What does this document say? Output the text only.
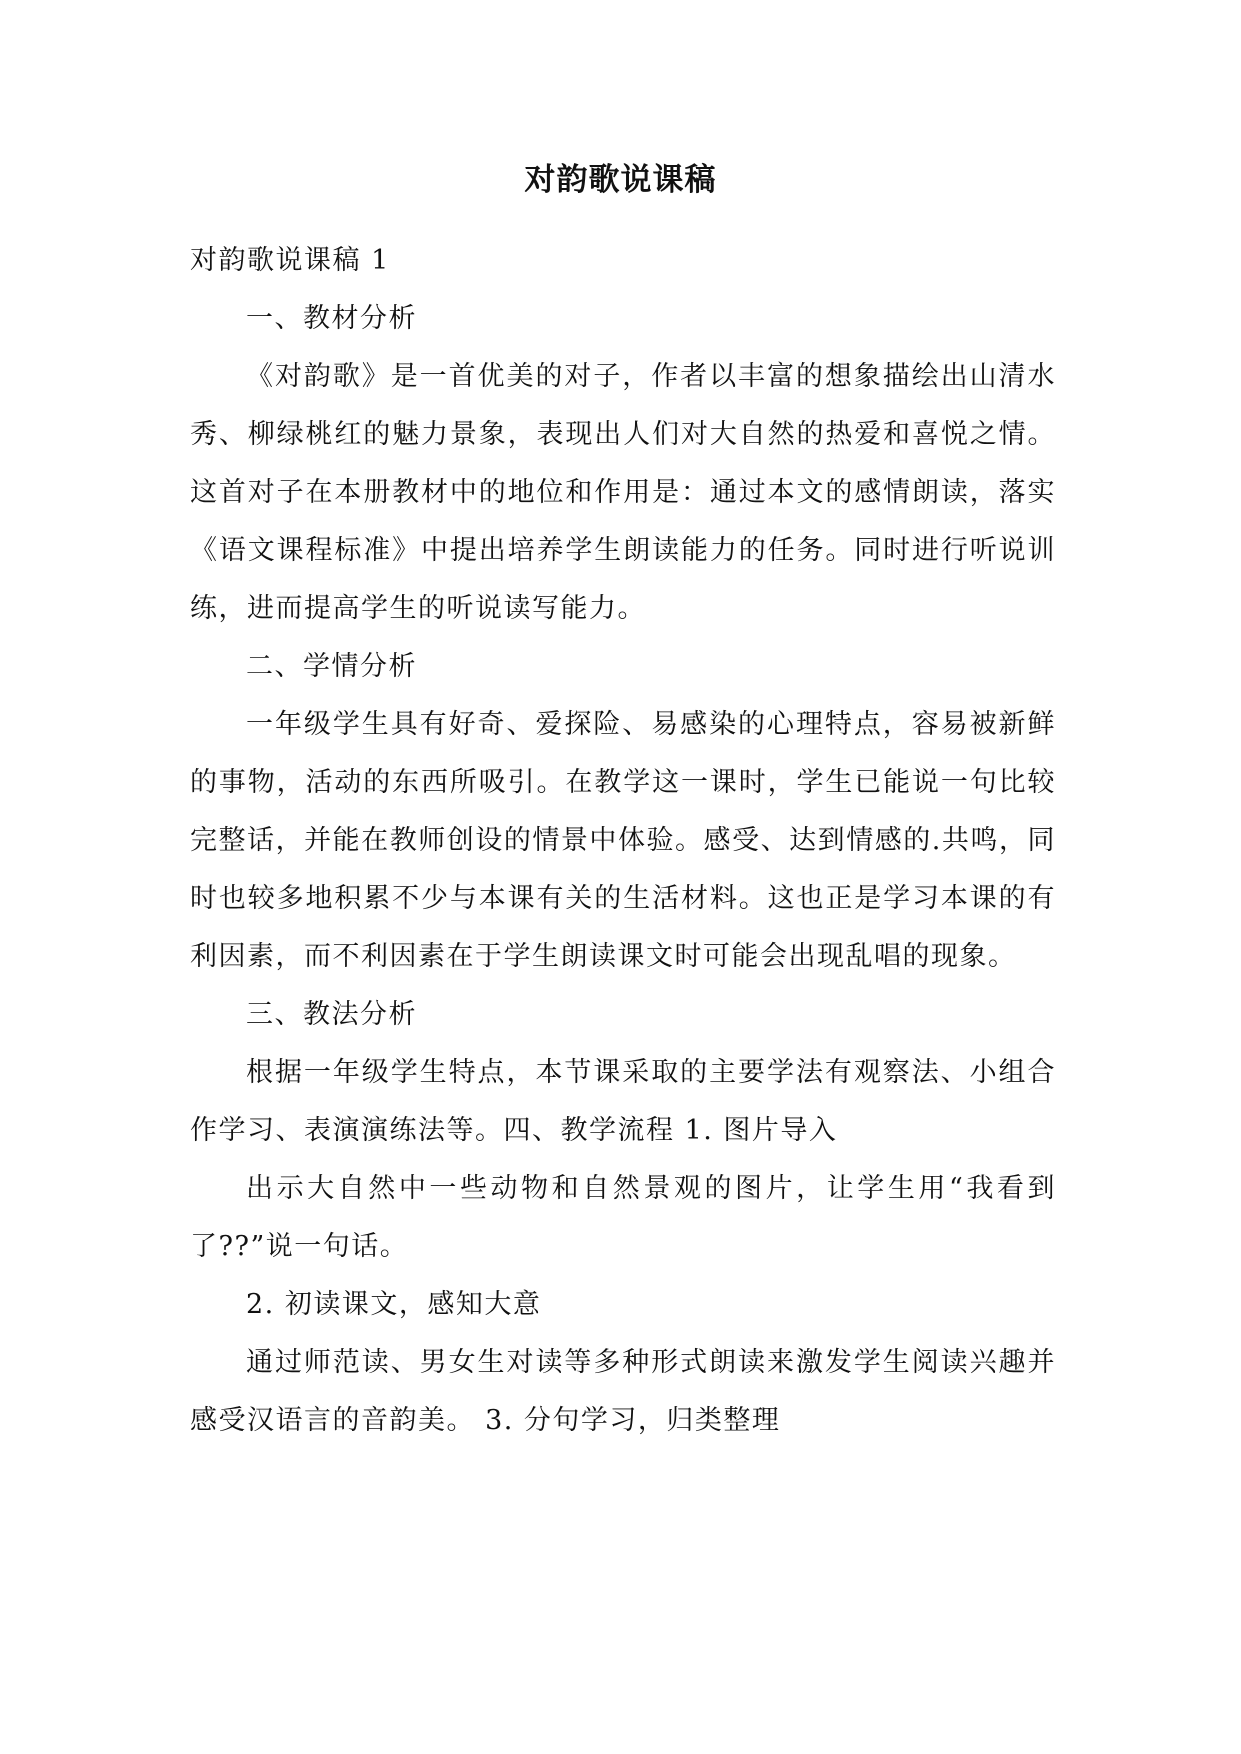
对韵歌说课稿

对韵歌说课稿 1

一、教材分析

《对韵歌》是一首优美的对子，作者以丰富的想象描绘出山清水秀、柳绿桃红的魅力景象，表现出人们对大自然的热爱和喜悦之情。这首对子在本册教材中的地位和作用是：通过本文的感情朗读，落实《语文课程标准》中提出培养学生朗读能力的任务。同时进行听说训练，进而提高学生的听说读写能力。

二、学情分析

一年级学生具有好奇、爱探险、易感染的心理特点，容易被新鲜的事物，活动的东西所吸引。在教学这一课时，学生已能说一句比较完整话，并能在教师创设的情景中体验。感受、达到情感的.共鸣，同时也较多地积累不少与本课有关的生活材料。这也正是学习本课的有利因素，而不利因素在于学生朗读课文时可能会出现乱唱的现象。

三、教法分析

根据一年级学生特点，本节课采取的主要学法有观察法、小组合作学习、表演演练法等。四、教学流程 1. 图片导入

出示大自然中一些动物和自然景观的图片，让学生用“我看到了??”说一句话。

2. 初读课文，感知大意

通过师范读、男女生对读等多种形式朗读来激发学生阅读兴趣并感受汉语言的音韵美。 3. 分句学习，归类整理
